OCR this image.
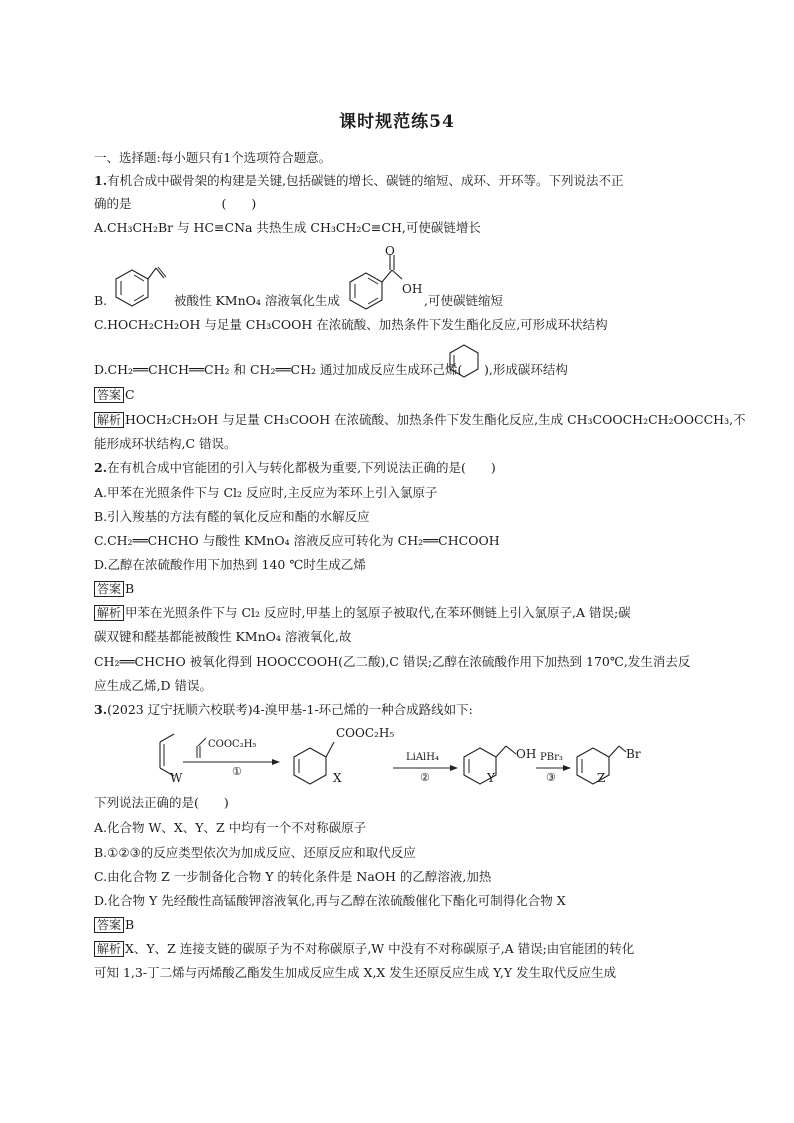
课时规范练54
一、选择题:每小题只有1个选项符合题意。
1.有机合成中碳骨架的构建是关键,包括碳链的增长、碳链的缩短、成环、开环等。下列说法不正
确的是	(　　)
A.CH₃CH₂Br 与 HC≡CNa 共热生成 CH₃CH₂C≡CH,可使碳链增长
B.	被酸性 KMnO₄ 溶液氧化生成
O
OH
,可使碳链缩短
C.HOCH₂CH₂OH 与足量 CH₃COOH 在浓硫酸、加热条件下发生酯化反应,可形成环状结构
D.CH₂══CHCH══CH₂ 和 CH₂══CH₂ 通过加成反应生成环己烯( ),形成碳环结构
答案 C
解析 HOCH₂CH₂OH 与足量 CH₃COOH 在浓硫酸、加热条件下发生酯化反应,生成 CH₃COOCH₂CH₂OOCCH₃,不
能形成环状结构,C 错误。
2.在有机合成中官能团的引入与转化都极为重要,下列说法正确的是(　　)
A.甲苯在光照条件下与 Cl₂ 反应时,主反应为苯环上引入氯原子
B.引入羧基的方法有醛的氧化反应和酯的水解反应
C.CH₂══CHCHO 与酸性 KMnO₄ 溶液反应可转化为 CH₂══CHCOOH
D.乙醇在浓硫酸作用下加热到 140 ℃时生成乙烯
答案 B
解析 甲苯在光照条件下与 Cl₂ 反应时,甲基上的氢原子被取代,在苯环侧链上引入氯原子,A 错误;碳
碳双键和醛基都能被酸性 KMnO₄ 溶液氧化,故
CH₂══CHCHO 被氧化得到 HOOCCOOH(乙二酸),C 错误;乙醇在浓硫酸作用下加热到 170℃,发生消去反
应生成乙烯,D 错误。
3.(2023 辽宁抚顺六校联考)4-溴甲基-1-环己烯的一种合成路线如下:
W
COOC₂H₅
①
COOC₂H₅
X
LiAlH₄
②
OH
Y
PBr₃
③
Br
Z
下列说法正确的是(　　)
A.化合物 W、X、Y、Z 中均有一个不对称碳原子
B.①②③的反应类型依次为加成反应、还原反应和取代反应
C.由化合物 Z 一步制备化合物 Y 的转化条件是 NaOH 的乙醇溶液,加热
D.化合物 Y 先经酸性高锰酸钾溶液氧化,再与乙醇在浓硫酸催化下酯化可制得化合物 X
答案 B
解析 X、Y、Z 连接支链的碳原子为不对称碳原子,W 中没有不对称碳原子,A 错误;由官能团的转化
可知 1,3-丁二烯与丙烯酸乙酯发生加成反应生成 X,X 发生还原反应生成 Y,Y 发生取代反应生成
